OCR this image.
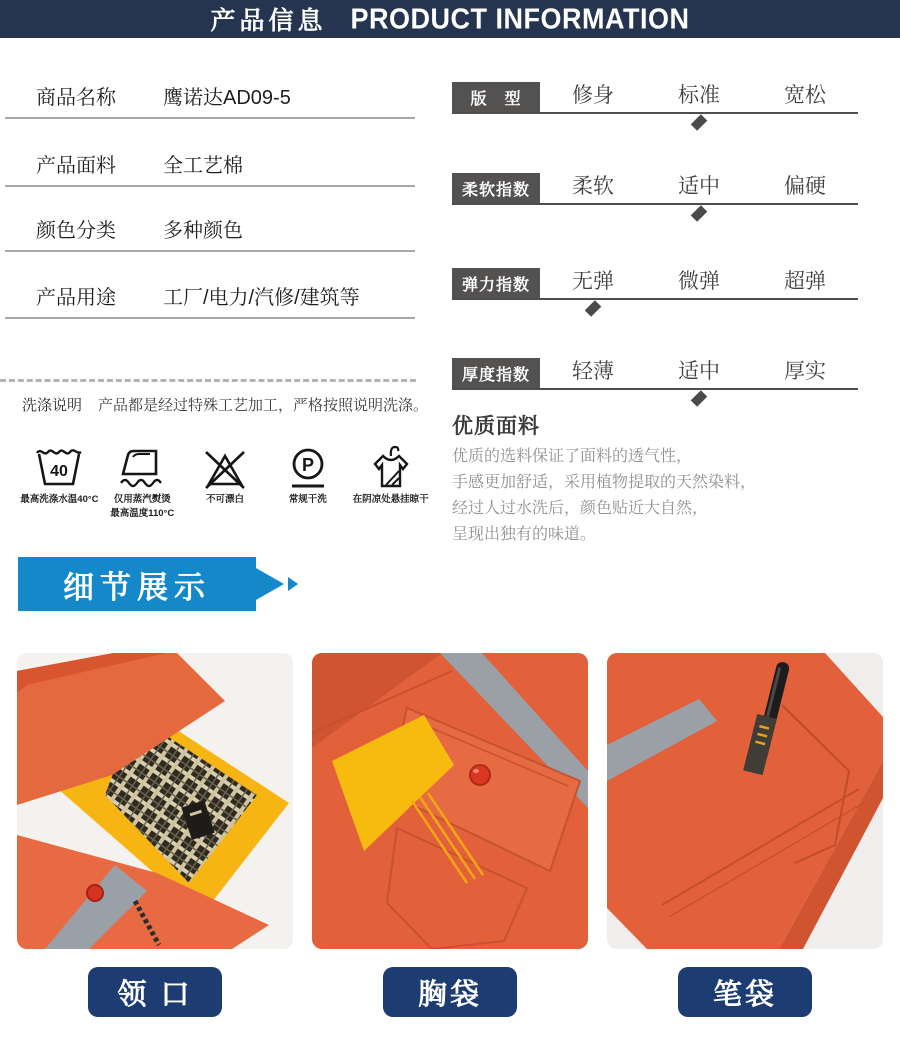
产品信息 PRODUCT INFORMATION
商品名称 鹰诺达AD09-5
产品面料 全工艺棉
颜色分类 多种颜色
产品用途 工厂/电力/汽修/建筑等
版　型	修身	标准	宽松
柔软指数	柔软	适中	偏硬
弹力指数	无弹	微弹	超弹
厚度指数	轻薄	适中	厚实
洗涤说明 产品都是经过特殊工艺加工，严格按照说明洗涤。
40
最高洗涤水温40°C	仅用蒸汽熨烫
最高温度110°C
不可漂白
P
常规干洗	在阴凉处悬挂晾干
优质面料
优质的选料保证了面料的透气性，
手感更加舒适，采用植物提取的天然染料，
经过人过水洗后，颜色贴近大自然，
呈现出独有的味道。
细节展示
领 口	胸袋	笔袋
